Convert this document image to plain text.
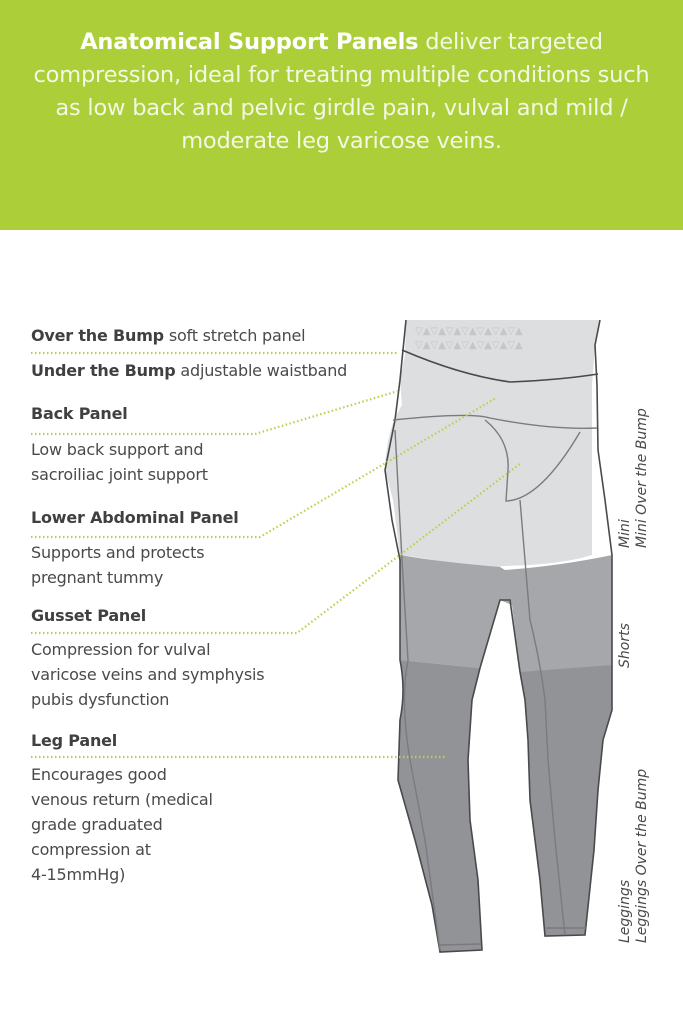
Anatomical Support Panels deliver targeted compression, ideal for treating multiple conditions such as low back and pelvic girdle pain, vulval and mild / moderate leg varicose veins.
▽▲▽▲▽▲▽▲▽▲▽▲▽▲
▽▲▽▲▽▲▽▲▽▲▽▲▽▲
Over the Bump soft stretch panel
Under the Bump adjustable waistband
Back Panel
Low back support and
sacroiliac joint support
Lower Abdominal Panel
Supports and protects
pregnant tummy
Gusset Panel
Compression for vulval
varicose veins and symphysis
pubis dysfunction
Leg Panel
Encourages good
venous return (medical
grade graduated
compression at
4-15mmHg)
Mini Mini Over the Bump
Shorts
Leggings Leggings Over the Bump
